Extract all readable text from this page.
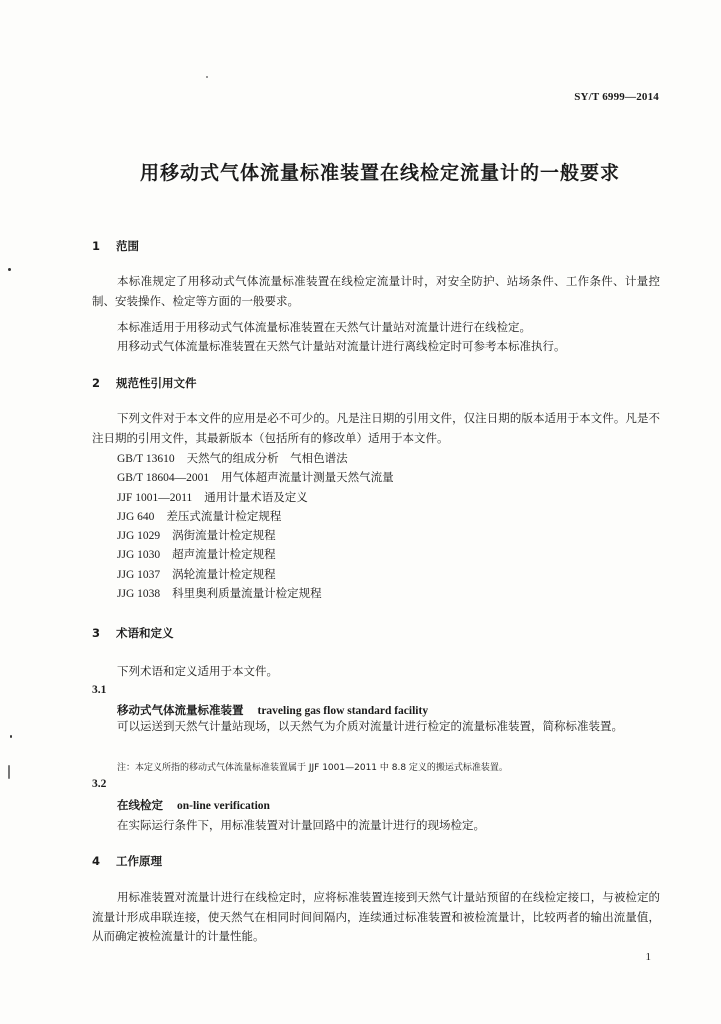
SY/T 6999—2014
用移动式气体流量标准装置在线检定流量计的一般要求
1 范围
本标准规定了用移动式气体流量标准装置在线检定流量计时，对安全防护、站场条件、工作条件、计量控制、安装操作、检定等方面的一般要求。
本标准适用于用移动式气体流量标准装置在天然气计量站对流量计进行在线检定。
用移动式气体流量标准装置在天然气计量站对流量计进行离线检定时可参考本标准执行。
2 规范性引用文件
下列文件对于本文件的应用是必不可少的。凡是注日期的引用文件，仅注日期的版本适用于本文件。凡是不注日期的引用文件，其最新版本（包括所有的修改单）适用于本文件。
GB/T 13610 天然气的组成分析　气相色谱法
GB/T 18604—2001 用气体超声流量计测量天然气流量
JJF 1001—2011 通用计量术语及定义
JJG 640 差压式流量计检定规程
JJG 1029 涡街流量计检定规程
JJG 1030 超声流量计检定规程
JJG 1037 涡轮流量计检定规程
JJG 1038 科里奥利质量流量计检定规程
3 术语和定义
下列术语和定义适用于本文件。
3.1
移动式气体流量标准装置 traveling gas flow standard facility
可以运送到天然气计量站现场，以天然气为介质对流量计进行检定的流量标准装置，简称标准装置。
注：本定义所指的移动式气体流量标准装置属于 JJF 1001—2011 中 8.8 定义的搬运式标准装置。
3.2
在线检定 on-line verification
在实际运行条件下，用标准装置对计量回路中的流量计进行的现场检定。
4 工作原理
用标准装置对流量计进行在线检定时，应将标准装置连接到天然气计量站预留的在线检定接口，与被检定的流量计形成串联连接，使天然气在相同时间间隔内，连续通过标准装置和被检流量计，比较两者的输出流量值，从而确定被检流量计的计量性能。
1
